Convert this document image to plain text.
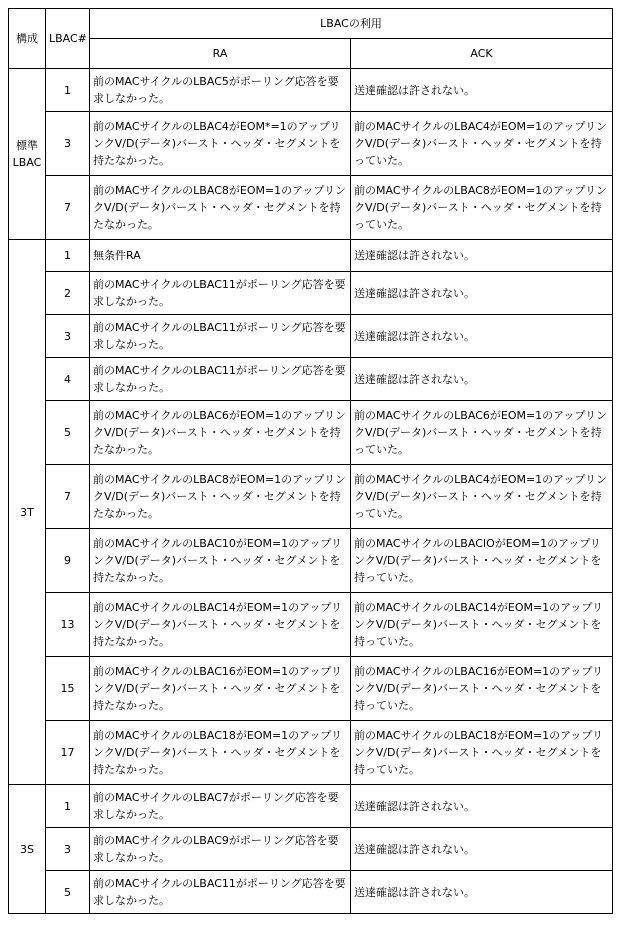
構成	LBAC#	LBACの利用	
		RA	ACK
標準LBAC	1	前のMACサイクルのLBAC5がポーリング応答を要求しなかった。	送達確認は許されない。
	3	前のMACサイクルのLBAC4がEOM*=1のアップリンクV/D(データ)バースト・ヘッダ・セグメントを持たなかった。	前のMACサイクルのLBAC4がEOM=1のアップリンクV/D(データ)バースト・ヘッダ・セグメントを持っていた。
	7	前のMACサイクルのLBAC8がEOM=1のアップリンクV/D(データ)バースト・ヘッダ・セグメントを持たなかった。	前のMACサイクルのLBAC8がEOM=1のアップリンクV/D(データ)バースト・ヘッダ・セグメントを持っていた。
3T	1	無条件RA	送達確認は許されない。
	2	前のMACサイクルのLBAC11がポーリング応答を要求しなかった。	送達確認は許されない。
	3	前のMACサイクルのLBAC11がポーリング応答を要求しなかった。	送達確認は許されない。
	4	前のMACサイクルのLBAC11がポーリング応答を要求しなかった。	送達確認は許されない。
	5	前のMACサイクルのLBAC6がEOM=1のアップリンクV/D(データ)バースト・ヘッダ・セグメントを持たなかった。	前のMACサイクルのLBAC6がEOM=1のアップリンクV/D(データ)バースト・ヘッダ・セグメントを持っていた。
	7	前のMACサイクルのLBAC8がEOM=1のアップリンクV/D(データ)バースト・ヘッダ・セグメントを持たなかった。	前のMACサイクルのLBAC4がEOM=1のアップリンクV/D(データ)バースト・ヘッダ・セグメントを持っていた。
	9	前のMACサイクルのLBAC10がEOM=1のアップリンクV/D(データ)バースト・ヘッダ・セグメントを持たなかった。	前のMACサイクルのLBACIOがEOM=1のアップリンクV/D(データ)バースト・ヘッダ・セグメントを持っていた。
	13	前のMACサイクルのLBAC14がEOM=1のアップリンクV/D(データ)バースト・ヘッダ・セグメントを持たなかった。	前のMACサイクルのLBAC14がEOM=1のアップリンクV/D(データ)バースト・ヘッダ・セグメントを持っていた。
	15	前のMACサイクルのLBAC16がEOM=1のアップリンクV/D(データ)バースト・ヘッダ・セグメントを持たなかった。	前のMACサイクルのLBAC16がEOM=1のアップリンクV/D(データ)バースト・ヘッダ・セグメントを持っていた。
	17	前のMACサイクルのLBAC18がEOM=1のアップリンクV/D(データ)バースト・ヘッダ・セグメントを持たなかった。	前のMACサイクルのLBAC18がEOM=1のアップリンクV/D(データ)バースト・ヘッダ・セグメントを持っていた。
3S	1	前のMACサイクルのLBAC7がポーリング応答を要求しなかった。	送達確認は許されない。
	3	前のMACサイクルのLBAC9がポーリング応答を要求しなかった。	送達確認は許されない。
	5	前のMACサイクルのLBAC11がポーリング応答を要求しなかった。	送達確認は許されない。
